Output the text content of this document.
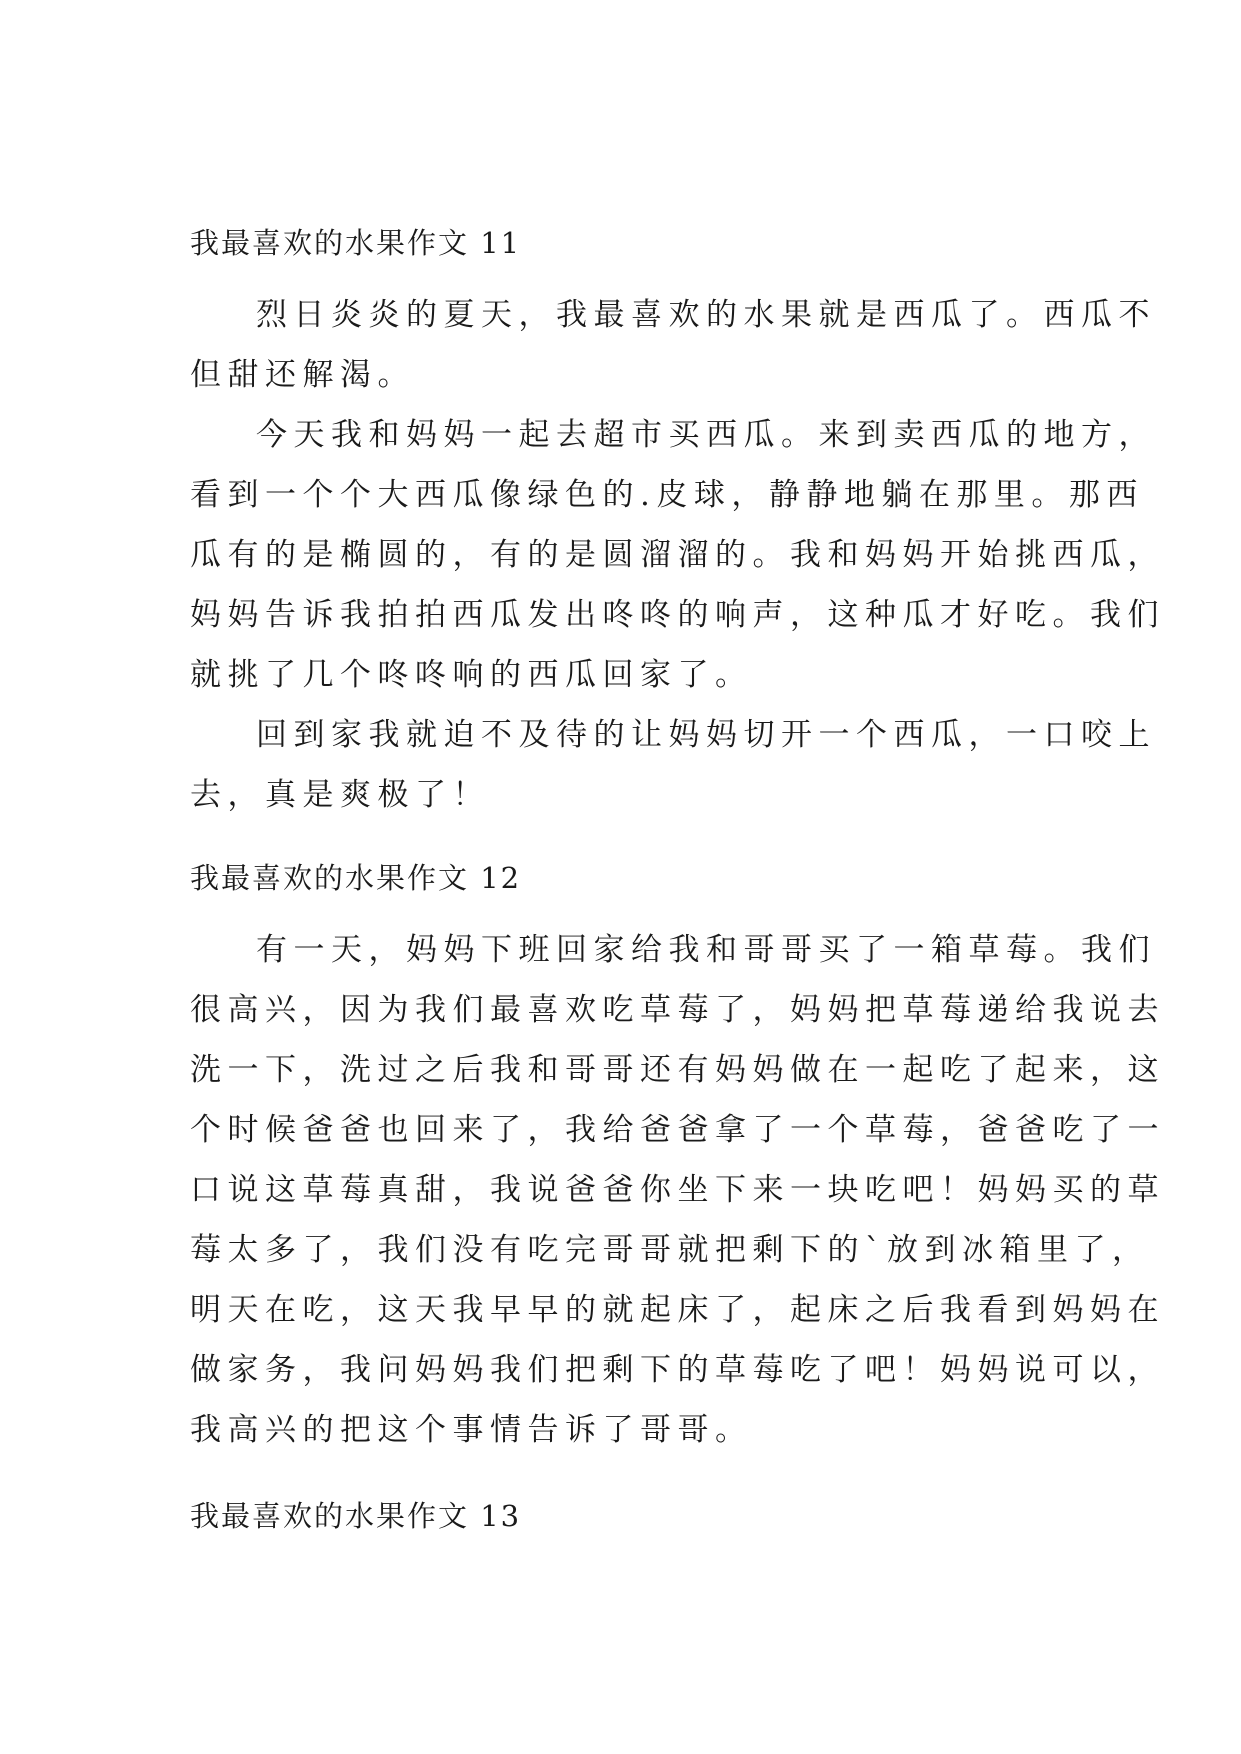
我最喜欢的水果作文 11

烈日炎炎的夏天，我最喜欢的水果就是西瓜了。西瓜不
但甜还解渴。

今天我和妈妈一起去超市买西瓜。来到卖西瓜的地方，
看到一个个大西瓜像绿色的.皮球，静静地躺在那里。那西
瓜有的是椭圆的，有的是圆溜溜的。我和妈妈开始挑西瓜，
妈妈告诉我拍拍西瓜发出咚咚的响声，这种瓜才好吃。我们
就挑了几个咚咚响的西瓜回家了。

回到家我就迫不及待的让妈妈切开一个西瓜，一口咬上
去，真是爽极了！

我最喜欢的水果作文 12

有一天，妈妈下班回家给我和哥哥买了一箱草莓。我们
很高兴，因为我们最喜欢吃草莓了，妈妈把草莓递给我说去
洗一下，洗过之后我和哥哥还有妈妈做在一起吃了起来，这
个时候爸爸也回来了，我给爸爸拿了一个草莓，爸爸吃了一
口说这草莓真甜，我说爸爸你坐下来一块吃吧！妈妈买的草
莓太多了，我们没有吃完哥哥就把剩下的`放到冰箱里了，
明天在吃，这天我早早的就起床了，起床之后我看到妈妈在
做家务，我问妈妈我们把剩下的草莓吃了吧！妈妈说可以，
我高兴的把这个事情告诉了哥哥。

我最喜欢的水果作文 13
